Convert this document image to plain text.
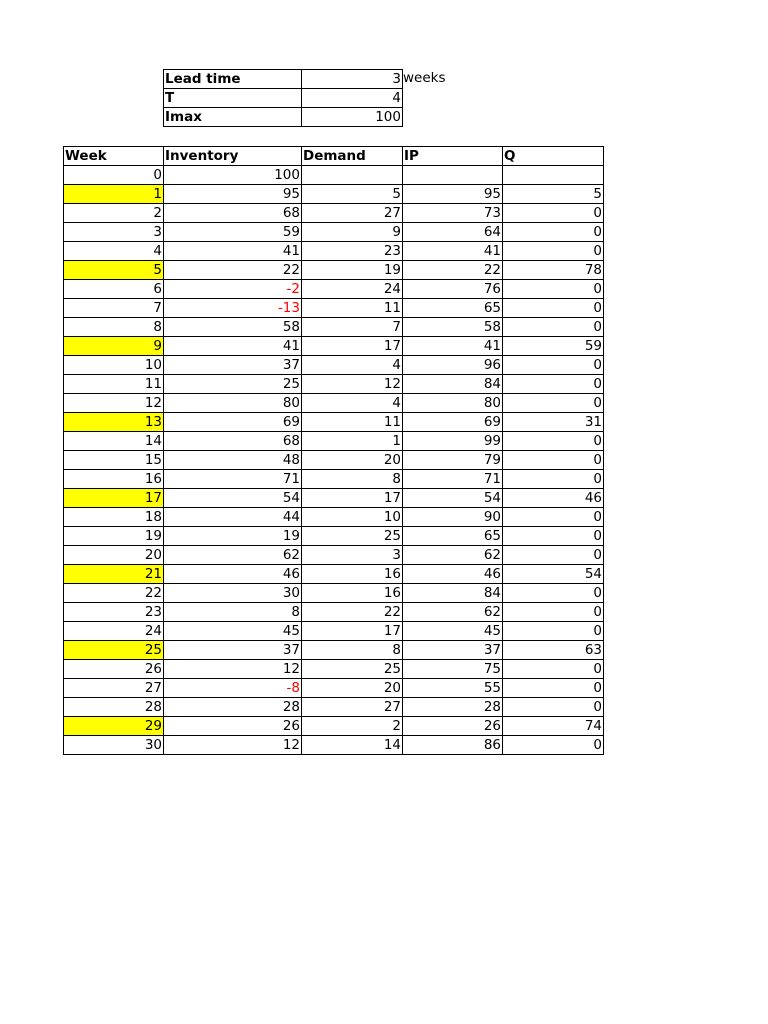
Lead time	3
T	4
Imax	100
weeks
Week	Inventory	Demand	IP	Q
0	100			
1	95	5	95	5
2	68	27	73	0
3	59	9	64	0
4	41	23	41	0
5	22	19	22	78
6	-2	24	76	0
7	-13	11	65	0
8	58	7	58	0
9	41	17	41	59
10	37	4	96	0
11	25	12	84	0
12	80	4	80	0
13	69	11	69	31
14	68	1	99	0
15	48	20	79	0
16	71	8	71	0
17	54	17	54	46
18	44	10	90	0
19	19	25	65	0
20	62	3	62	0
21	46	16	46	54
22	30	16	84	0
23	8	22	62	0
24	45	17	45	0
25	37	8	37	63
26	12	25	75	0
27	-8	20	55	0
28	28	27	28	0
29	26	2	26	74
30	12	14	86	0
